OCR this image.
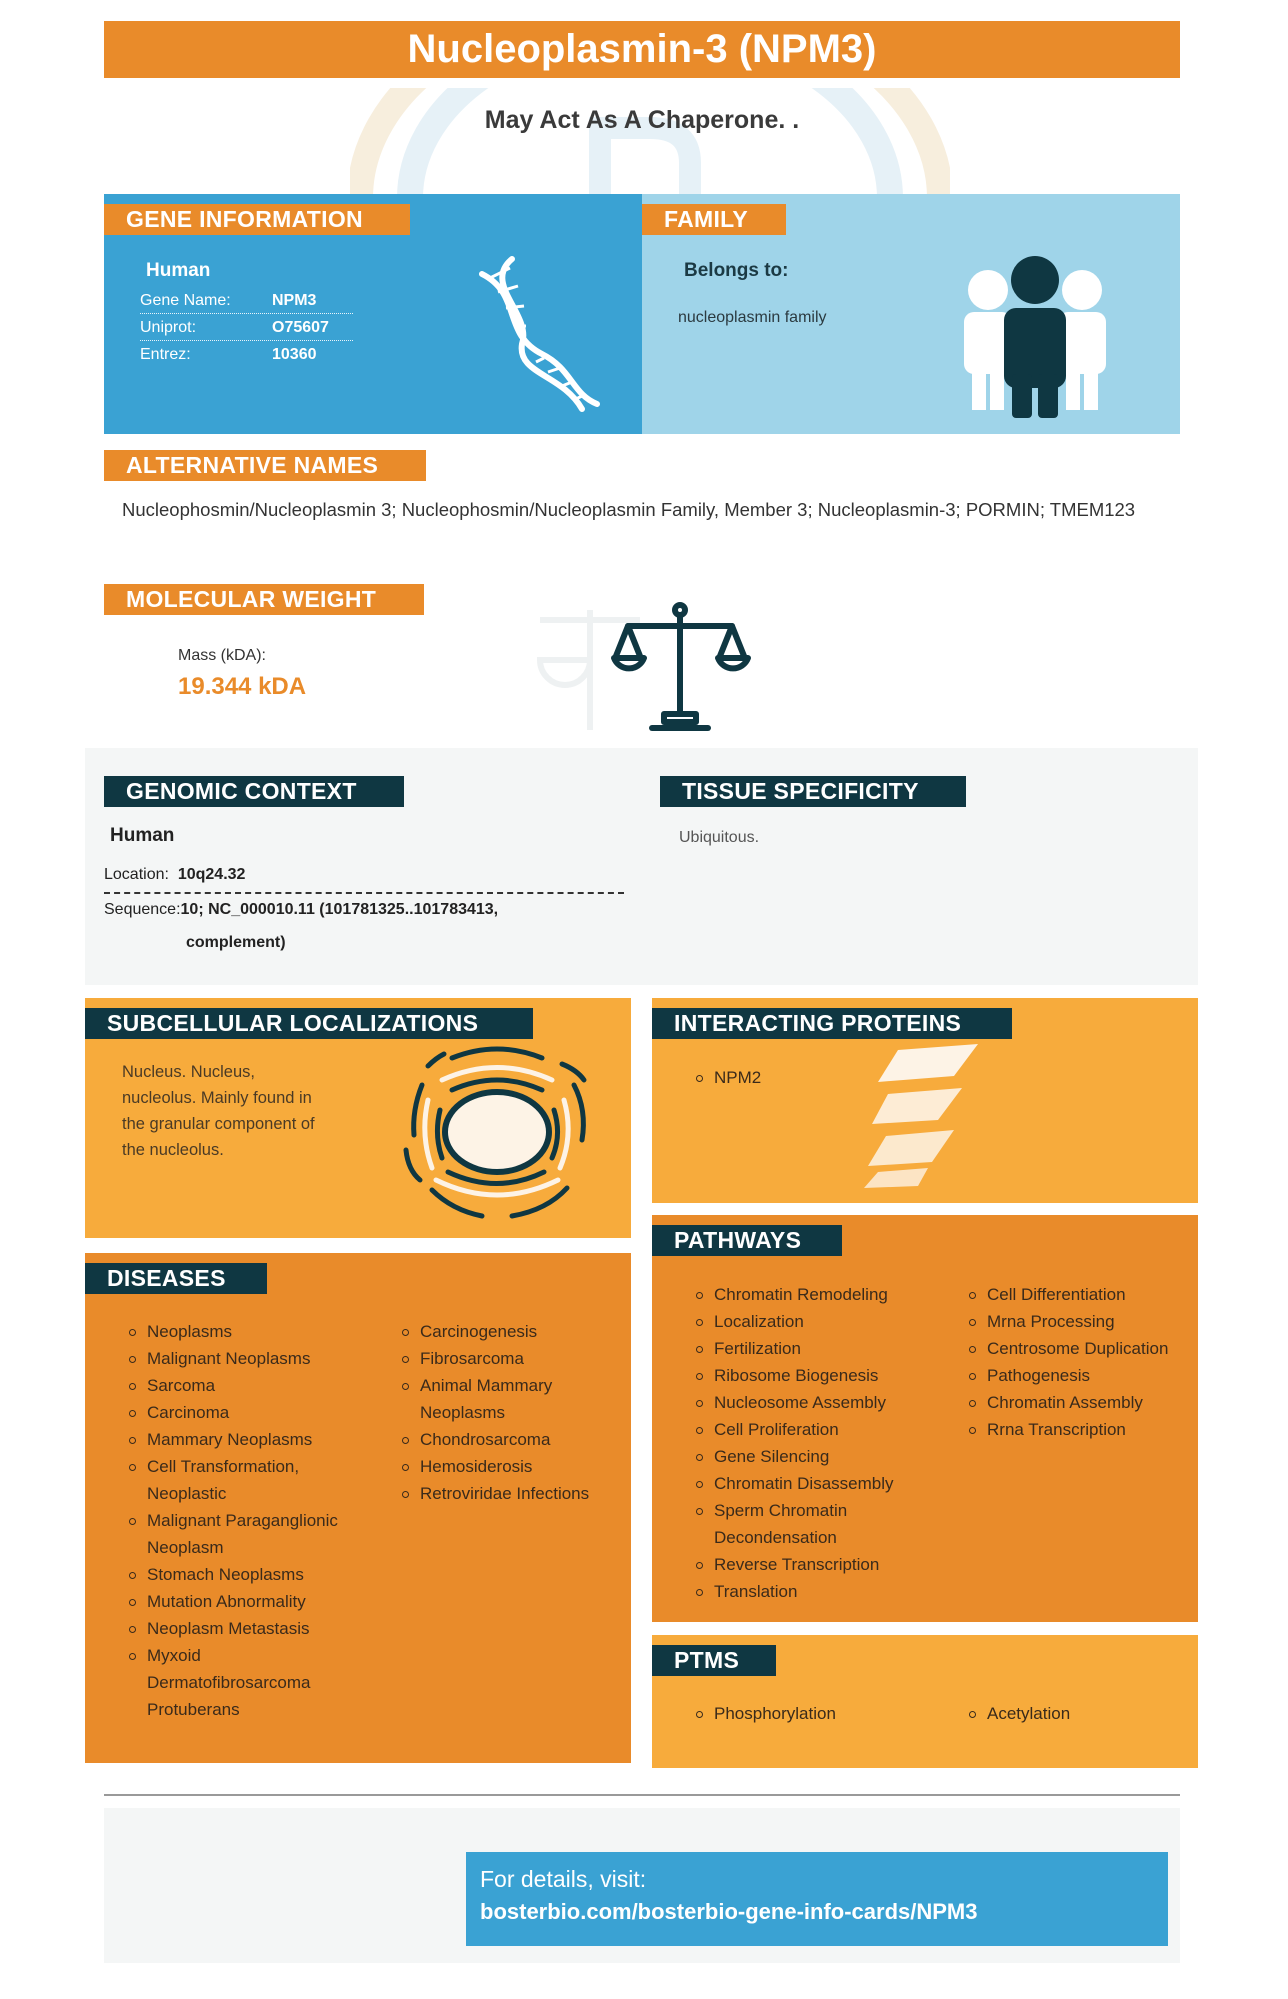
Nucleoplasmin-3 (NPM3)
May Act As A Chaperone. .
GENE INFORMATION
Human
Gene Name:	NPM3
Uniprot:	O75607
Entrez:	10360
FAMILY
Belongs to:
nucleoplasmin family
ALTERNATIVE NAMES
Nucleophosmin/Nucleoplasmin 3; Nucleophosmin/Nucleoplasmin Family, Member 3; Nucleoplasmin-3; PORMIN; TMEM123
MOLECULAR WEIGHT
Mass (kDA):
19.344 kDA
GENOMIC CONTEXT
Human
Location: 10q24.32
Sequence:10; NC_000010.11 (101781325..101783413,
complement)
TISSUE SPECIFICITY
Ubiquitous.
SUBCELLULAR LOCALIZATIONS
Nucleus. Nucleus, nucleolus. Mainly found in the granular component of the nucleolus.
INTERACTING PROTEINS
NPM2
DISEASES
Neoplasms
Malignant Neoplasms
Sarcoma
Carcinoma
Mammary Neoplasms
Cell Transformation, Neoplastic
Malignant Paraganglionic Neoplasm
Stomach Neoplasms
Mutation Abnormality
Neoplasm Metastasis
Myxoid Dermatofibrosarcoma Protuberans
Carcinogenesis
Fibrosarcoma
Animal Mammary Neoplasms
Chondrosarcoma
Hemosiderosis
Retroviridae Infections
PATHWAYS
Chromatin Remodeling
Localization
Fertilization
Ribosome Biogenesis
Nucleosome Assembly
Cell Proliferation
Gene Silencing
Chromatin Disassembly
Sperm Chromatin Decondensation
Reverse Transcription
Translation
Cell Differentiation
Mrna Processing
Centrosome Duplication
Pathogenesis
Chromatin Assembly
Rrna Transcription
PTMS
Phosphorylation	Acetylation
For details, visit:
bosterbio.com/bosterbio-gene-info-cards/NPM3
